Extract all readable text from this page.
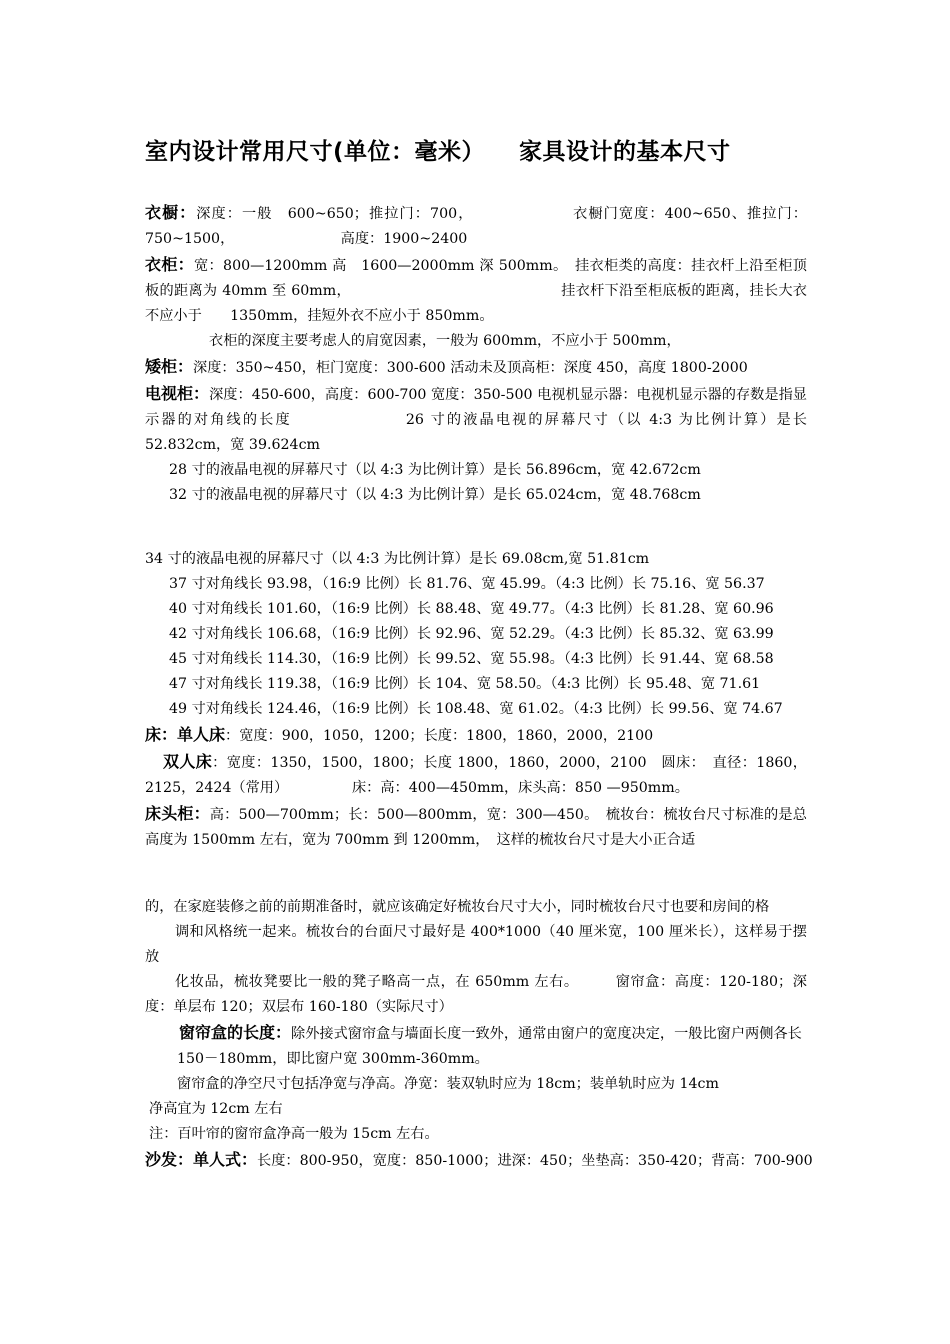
室内设计常用尺寸(单位：毫米） 家具设计的基本尺寸

衣橱：深度：一般　600~650；推拉门：700，　　　　　　　衣橱门宽度：400~650、推拉门：750~1500，　　　　　　　　高度：1900~2400

衣柜：宽：800—1200mm 高　1600—2000mm 深 500mm。　挂衣柜类的高度：挂衣杆上沿至柜顶板的距离为 40mm 至 60mm，　　　　　　　　　　　　　　　挂衣杆下沿至柜底板的距离，挂长大衣不应小于　　1350mm，挂短外衣不应小于 850mm。

衣柜的深度主要考虑人的肩宽因素，一般为 600mm，不应小于 500mm，

矮柜：深度：350~450，柜门宽度：300-600 活动未及顶高柜：深度 450，高度 1800-2000

电视柜：深度：450-600，高度：600-700 宽度：350-500 电视机显示器：电视机显示器的存数是指显示器的对角线的长度　　　　　　　26 寸的液晶电视的屏幕尺寸（以 4:3 为比例计算）是长 52.832cm，宽 39.624cm

28 寸的液晶电视的屏幕尺寸（以 4:3 为比例计算）是长 56.896cm，宽 42.672cm

32 寸的液晶电视的屏幕尺寸（以 4:3 为比例计算）是长 65.024cm，宽 48.768cm

34 寸的液晶电视的屏幕尺寸（以 4:3 为比例计算）是长 69.08cm,宽 51.81cm

37 寸对角线长 93.98，（16:9 比例）长 81.76、宽 45.99。（4:3 比例）长 75.16、宽 56.37

40 寸对角线长 101.60，（16:9 比例）长 88.48、宽 49.77。（4:3 比例）长 81.28、宽 60.96

42 寸对角线长 106.68，（16:9 比例）长 92.96、宽 52.29。（4:3 比例）长 85.32、宽 63.99

45 寸对角线长 114.30，（16:9 比例）长 99.52、宽 55.98。（4:3 比例）长 91.44、宽 68.58

47 寸对角线长 119.38，（16:9 比例）长 104、宽 58.50。（4:3 比例）长 95.48、宽 71.61

49 寸对角线长 124.46，（16:9 比例）长 108.48、宽 61.02。（4:3 比例）长 99.56、宽 74.67

床：单人床：宽度：900，1050，1200；长度：1800，1860，2000，2100

双人床：宽度：1350，1500，1800；长度 1800，1860，2000，2100　圆床：　直径：1860，2125，2424（常用）　　　　　床：高：400—450mm，床头高：850 —950mm。

床头柜：高：500—700mm；长：500—800mm，宽：300—450。　梳妆台：梳妆台尺寸标准的是总高度为 1500mm 左右，宽为 700mm 到 1200mm，　这样的梳妆台尺寸是大小正合适

的，在家庭装修之前的前期准备时，就应该确定好梳妆台尺寸大小，同时梳妆台尺寸也要和房间的格

调和风格统一起来。梳妆台的台面尺寸最好是 400*1000（40 厘米宽，100 厘米长），这样易于摆放

化妆品，梳妆凳要比一般的凳子略高一点，在 650mm 左右。　　　窗帘盒：高度：120-180；深度：单层布 120；双层布 160-180（实际尺寸）

窗帘盒的长度：除外接式窗帘盒与墙面长度一致外，通常由窗户的宽度决定，一般比窗户两侧各长

150－180mm，即比窗户宽 300mm-360mm。

窗帘盒的净空尺寸包括净宽与净高。净宽：装双轨时应为 18cm；装单轨时应为 14cm

净高宜为 12cm 左右

注：百叶帘的窗帘盒净高一般为 15cm 左右。

沙发：单人式：长度：800-950，宽度：850-1000；进深：450；坐垫高：350-420；背高：700-900
